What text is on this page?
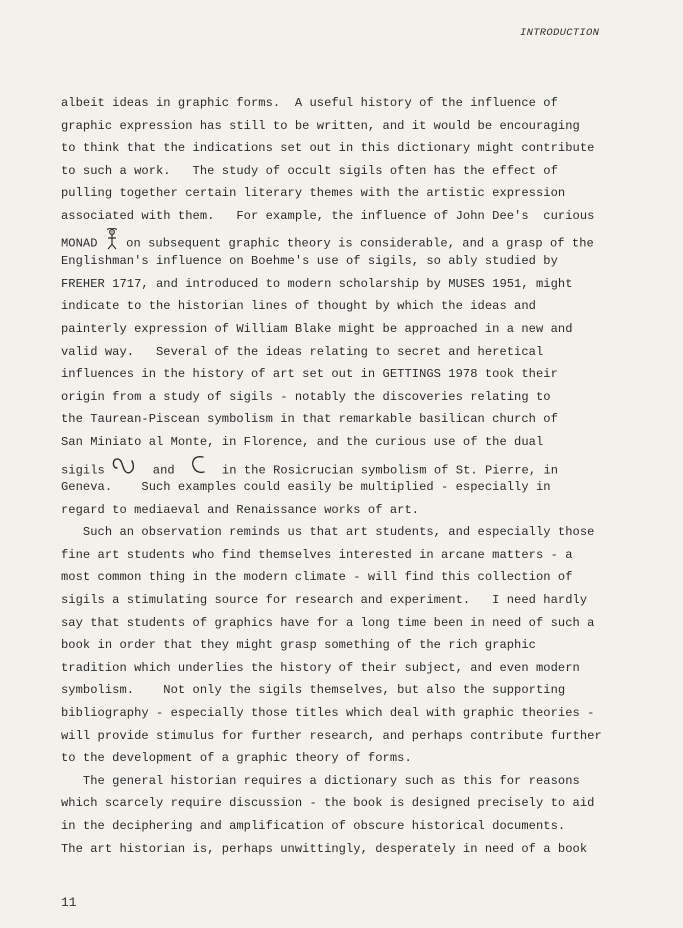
INTRODUCTION
albeit ideas in graphic forms.  A useful history of the influence of
graphic expression has still to be written, and it would be encouraging
to think that the indications set out in this dictionary might contribute
to such a work.   The study of occult sigils often has the effect of
pulling together certain literary themes with the artistic expression
associated with them.   For example, the influence of John Dee's  curious
MONAD  on subsequent graphic theory is considerable, and a grasp of the
Englishman's influence on Boehme's use of sigils, so ably studied by
FREHER 1717, and introduced to modern scholarship by MUSES 1951, might
indicate to the historian lines of thought by which the ideas and
painterly expression of William Blake might be approached in a new and
valid way.   Several of the ideas relating to secret and heretical
influences in the history of art set out in GETTINGS 1978 took their
origin from a study of sigils - notably the discoveries relating to
the Taurean-Piscean symbolism in that remarkable basilican church of
San Miniato al Monte, in Florence, and the curious use of the dual
sigils   and    in the Rosicrucian symbolism of St. Pierre, in
Geneva.    Such examples could easily be multiplied - especially in
regard to mediaeval and Renaissance works of art.
Such an observation reminds us that art students, and especially those
fine art students who find themselves interested in arcane matters - a
most common thing in the modern climate - will find this collection of
sigils a stimulating source for research and experiment.   I need hardly
say that students of graphics have for a long time been in need of such a
book in order that they might grasp something of the rich graphic
tradition which underlies the history of their subject, and even modern
symbolism.    Not only the sigils themselves, but also the supporting
bibliography - especially those titles which deal with graphic theories -
will provide stimulus for further research, and perhaps contribute further
to the development of a graphic theory of forms.
The general historian requires a dictionary such as this for reasons
which scarcely require discussion - the book is designed precisely to aid
in the deciphering and amplification of obscure historical documents.
The art historian is, perhaps unwittingly, desperately in need of a book
11
